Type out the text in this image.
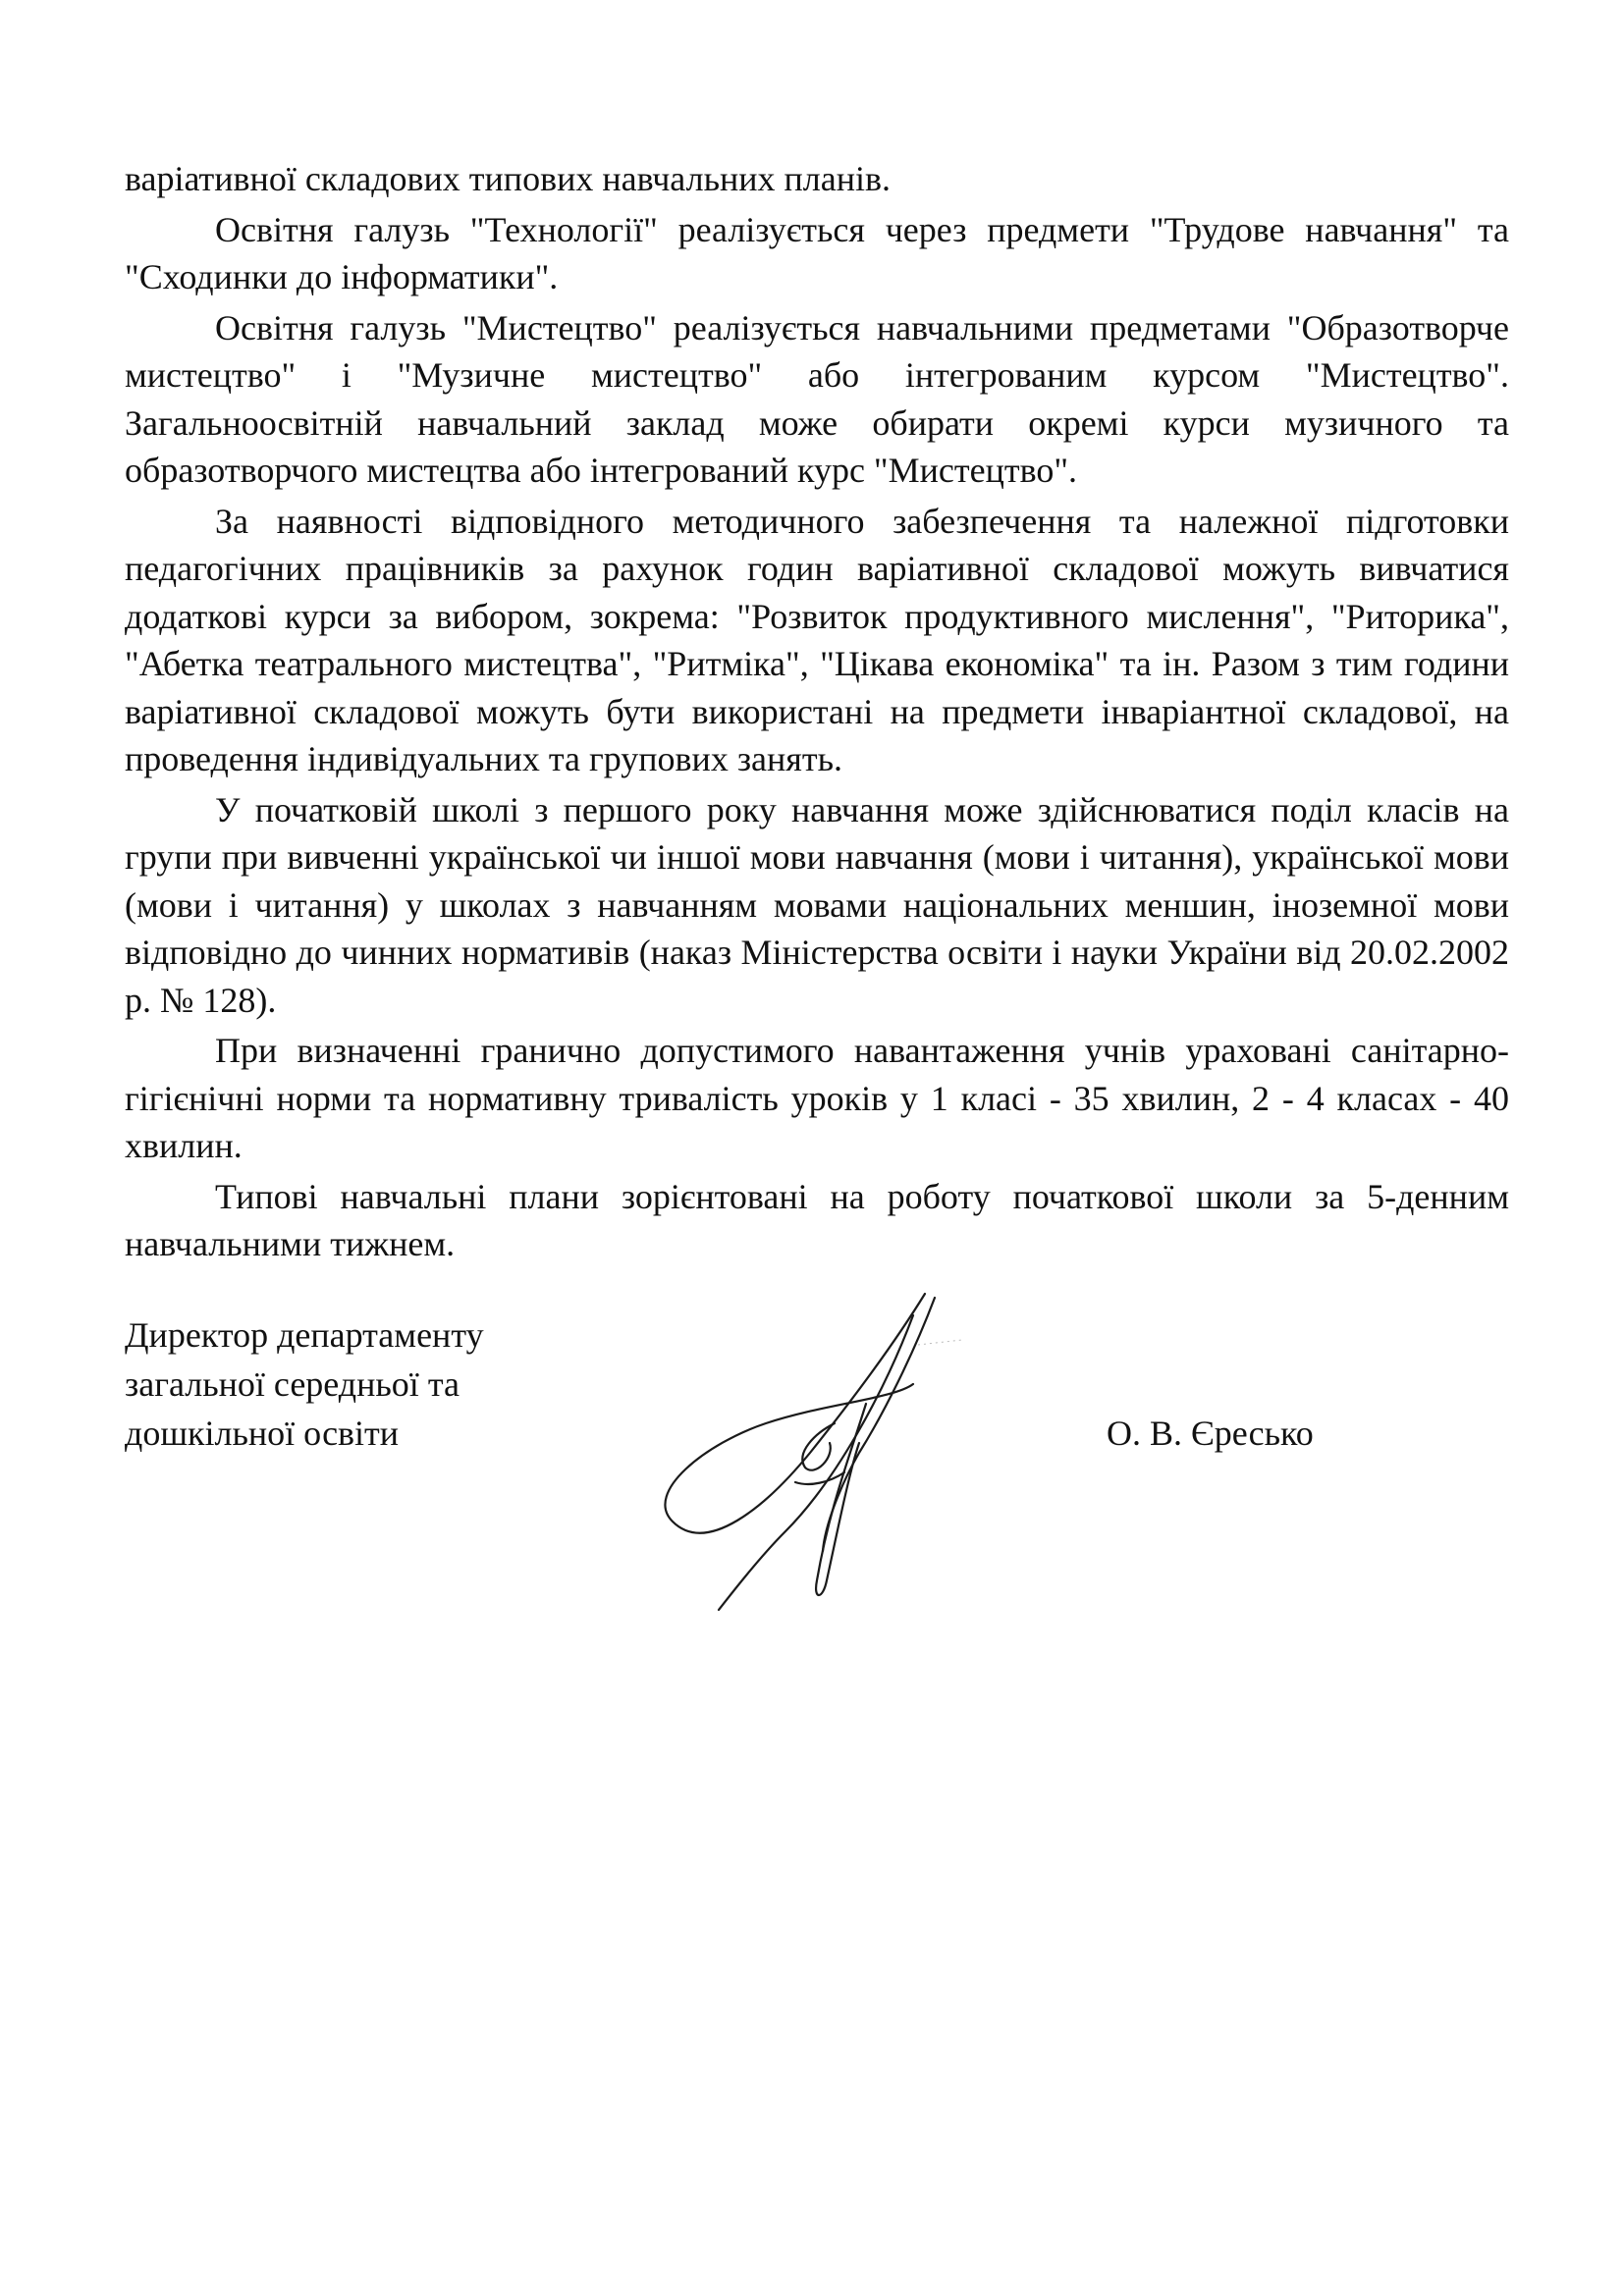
варіативної складових типових навчальних планів.

Освітня галузь "Технології" реалізується через предмети "Трудове навчання" та "Сходинки до інформатики".

Освітня галузь "Мистецтво" реалізується навчальними предметами "Образотворче мистецтво" і "Музичне мистецтво" або інтегрованим курсом "Мистецтво". Загальноосвітній навчальний заклад може обирати окремі курси музичного та образотворчого мистецтва або інтегрований курс "Мистецтво".

За наявності відповідного методичного забезпечення та належної підготовки педагогічних працівників за рахунок годин варіативної складової можуть вивчатися додаткові курси за вибором, зокрема: "Розвиток продуктивного мислення", "Риторика", "Абетка театрального мистецтва", "Ритміка", "Цікава економіка" та ін. Разом з тим години варіативної складової можуть бути використані на предмети інваріантної складової, на проведення індивідуальних та групових занять.

У початковій школі з першого року навчання може здійснюватися поділ класів на групи при вивченні української чи іншої мови навчання (мови і читання), української мови (мови і читання) у школах з навчанням мовами національних меншин, іноземної мови відповідно до чинних нормативів (наказ Міністерства освіти і науки України від 20.02.2002 р. № 128).

При визначенні гранично допустимого навантаження учнів урахованi санітарно-гігієнічні норми та нормативну тривалість уроків у 1 класі - 35 хвилин, 2 - 4 класах - 40 хвилин.

Типові навчальні плани зорієнтовані на роботу початкової школи за 5-денним навчальними тижнем.

Директор департаменту
загальної середньої та
дошкільної освіти	О. В. Єресько
